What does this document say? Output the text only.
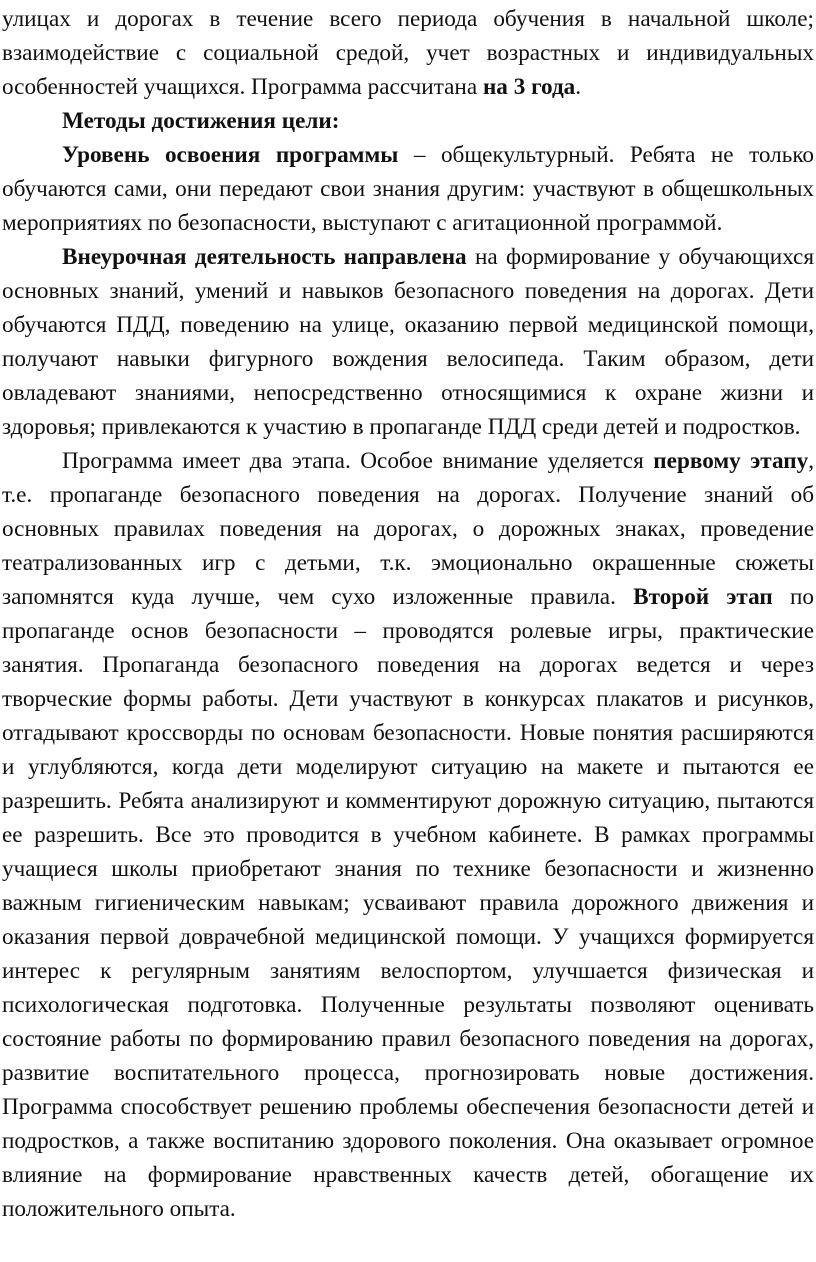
улицах и дорогах в течение всего периода обучения в начальной школе; взаимодействие с социальной средой, учет возрастных и индивидуальных особенностей учащихся. Программа рассчитана на 3 года.

Методы достижения цели:

Уровень освоения программы – общекультурный. Ребята не только обучаются сами, они передают свои знания другим: участвуют в общешкольных мероприятиях по безопасности, выступают с агитационной программой.

Внеурочная деятельность направлена на формирование у обучающихся основных знаний, умений и навыков безопасного поведения на дорогах. Дети обучаются ПДД, поведению на улице, оказанию первой медицинской помощи, получают навыки фигурного вождения велосипеда. Таким образом, дети овладевают знаниями, непосредственно относящимися к охране жизни и здоровья; привлекаются к участию в пропаганде ПДД среди детей и подростков.

Программа имеет два этапа. Особое внимание уделяется первому этапу, т.е. пропаганде безопасного поведения на дорогах. Получение знаний об основных правилах поведения на дорогах, о дорожных знаках, проведение театрализованных игр с детьми, т.к. эмоционально окрашенные сюжеты запомнятся куда лучше, чем сухо изложенные правила. Второй этап по пропаганде основ безопасности – проводятся ролевые игры, практические занятия. Пропаганда безопасного поведения на дорогах ведется и через творческие формы работы. Дети участвуют в конкурсах плакатов и рисунков, отгадывают кроссворды по основам безопасности. Новые понятия расширяются и углубляются, когда дети моделируют ситуацию на макете и пытаются ее разрешить. Ребята анализируют и комментируют дорожную ситуацию, пытаются ее разрешить. Все это проводится в учебном кабинете. В рамках программы учащиеся школы приобретают знания по технике безопасности и жизненно важным гигиеническим навыкам; усваивают правила дорожного движения и оказания первой доврачебной медицинской помощи. У учащихся формируется интерес к регулярным занятиям велоспортом, улучшается физическая и психологическая подготовка. Полученные результаты позволяют оценивать состояние работы по формированию правил безопасного поведения на дорогах, развитие воспитательного процесса, прогнозировать новые достижения. Программа способствует решению проблемы обеспечения безопасности детей и подростков, а также воспитанию здорового поколения. Она оказывает огромное влияние на формирование нравственных качеств детей, обогащение их положительного опыта.
